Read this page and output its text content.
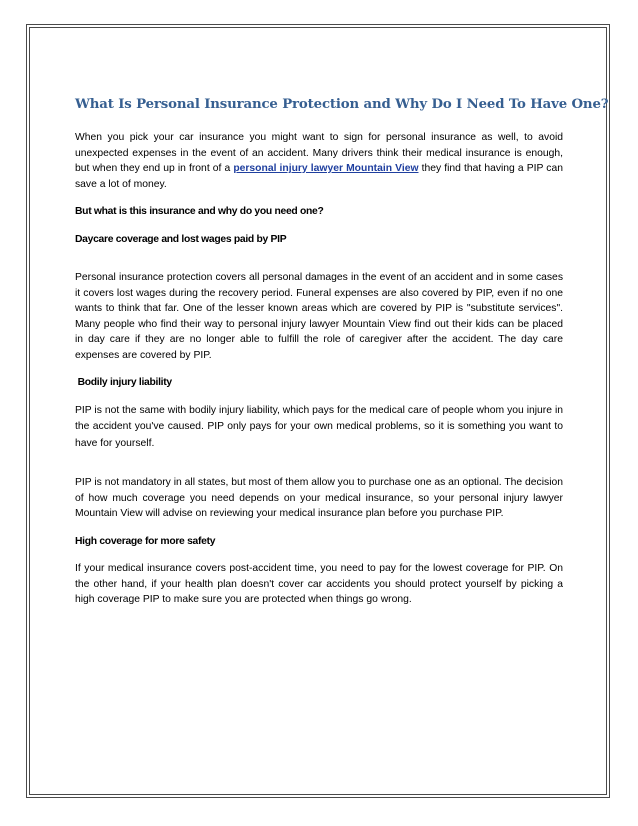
What Is Personal Insurance Protection and Why Do I Need To Have One?

When you pick your car insurance you might want to sign for personal insurance as well, to avoid unexpected expenses in the event of an accident. Many drivers think their medical insurance is enough, but when they end up in front of a personal injury lawyer Mountain View they find that having a PIP can save a lot of money.

But what is this insurance and why do you need one?

Daycare coverage and lost wages paid by PIP

Personal insurance protection covers all personal damages in the event of an accident and in some cases it covers lost wages during the recovery period. Funeral expenses are also covered by PIP, even if no one wants to think that far. One of the lesser known areas which are covered by PIP is "substitute services". Many people who find their way to personal injury lawyer Mountain View find out their kids can be placed in day care if they are no longer able to fulfill the role of caregiver after the accident. The day care expenses are covered by PIP.

Bodily injury liability

PIP is not the same with bodily injury liability, which pays for the medical care of people whom you injure in the accident you've caused. PIP only pays for your own medical problems, so it is something you want to have for yourself.

PIP is not mandatory in all states, but most of them allow you to purchase one as an optional. The decision of how much coverage you need depends on your medical insurance, so your personal injury lawyer Mountain View will advise on reviewing your medical insurance plan before you purchase PIP.

High coverage for more safety

If your medical insurance covers post-accident time, you need to pay for the lowest coverage for PIP. On the other hand, if your health plan doesn't cover car accidents you should protect yourself by picking a high coverage PIP to make sure you are protected when things go wrong.
